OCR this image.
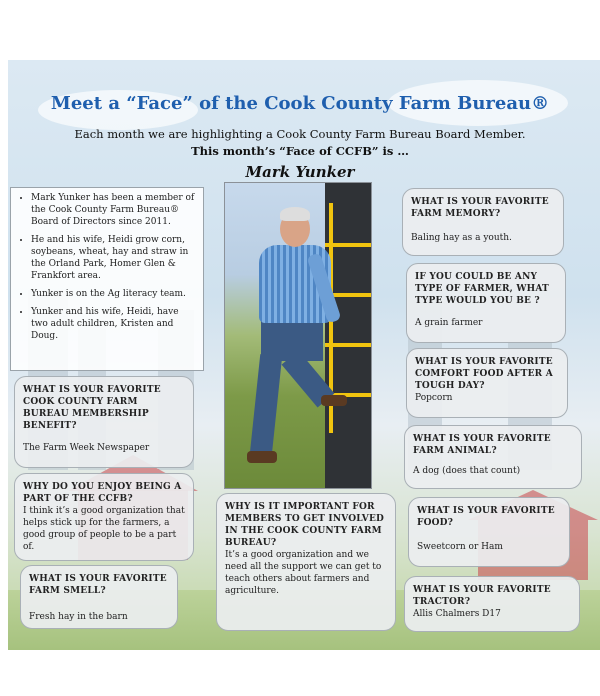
Meet a “Face” of the Cook County Farm Bureau®

Each month we are highlighting a Cook County Farm Bureau Board Member.

This month’s “Face of CCFB” is …

Mark Yunker

• Mark Yunker has been a member of the Cook County Farm Bureau® Board of Directors since 2011.
• He and his wife, Heidi grow corn, soybeans, wheat, hay and straw in the Orland Park, Homer Glen & Frankfort area.
• Yunker is on the Ag literacy team.
• Yunker and his wife, Heidi, have two adult children, Kristen and Doug.
WHAT IS YOUR FAVORITE FARM MEMORY?
Baling hay as a youth.
IF YOU COULD BE ANY TYPE OF FARMER, WHAT TYPE WOULD YOU BE ?
A grain farmer
WHAT IS YOUR FAVORITE COMFORT FOOD AFTER A TOUGH DAY?
Popcorn
WHAT IS YOUR FAVORITE FARM ANIMAL?
A dog (does that count)
WHAT IS YOUR FAVORITE FOOD?
Sweetcorn or Ham
WHAT IS YOUR FAVORITE TRACTOR?
Allis Chalmers D17
WHAT IS YOUR FAVORITE COOK COUNTY FARM BUREAU MEMBERSHIP BENEFIT?
The Farm Week Newspaper
WHY DO YOU ENJOY BEING A PART OF THE CCFB?
I think it’s a good organization that helps stick up for the farmers, a good group of people to be a part of.
WHAT IS YOUR FAVORITE FARM SMELL?
Fresh hay in the barn
WHY IS IT IMPORTANT FOR MEMBERS TO GET INVOLVED IN THE COOK COUNTY FARM BUREAU?
It’s a good organization and we need all the support we can get to teach others about farmers and agriculture.
